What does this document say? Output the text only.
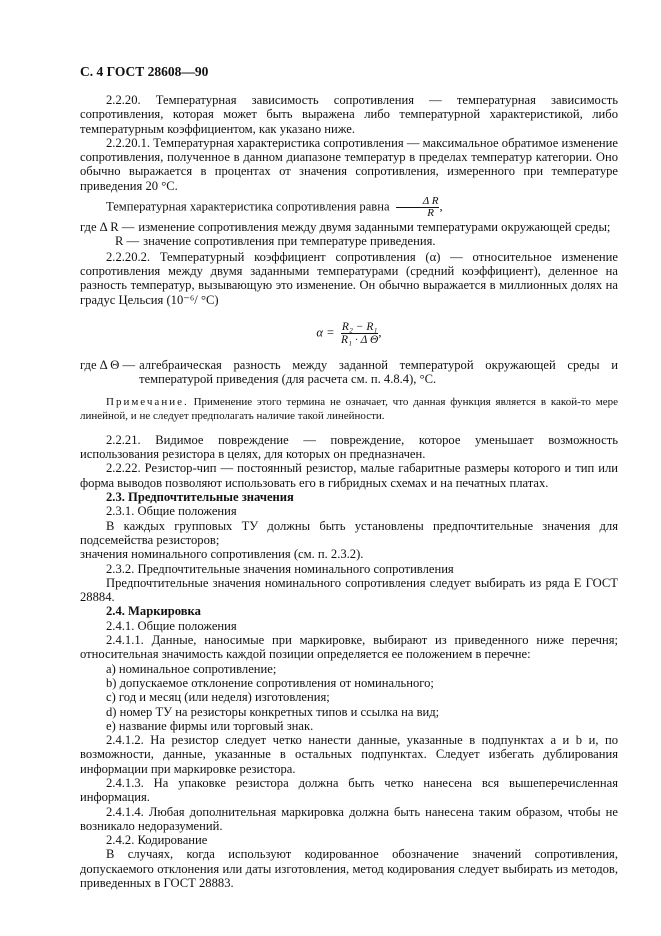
С. 4 ГОСТ 28608—90

2.2.20. Температурная зависимость сопротивления — температурная зависимость сопротивления, которая может быть выражена либо температурной характеристикой, либо температурным коэффициентом, как указано ниже.

2.2.20.1. Температурная характеристика сопротивления — максимальное обратимое изменение сопротивления, полученное в данном диапазоне температур в пределах температур категории. Оно обычно выражается в процентах от значения сопротивления, измеренного при температуре приведения 20 °С.

Температурная характеристика сопротивления равна $\frac{\text{Δ R}}{R}$ ,

где Δ R — изменение сопротивления между двумя заданными температурами окружающей среды;
R — значение сопротивления при температуре приведения.

2.2.20.2. Температурный коэффициент сопротивления (α) — относительное изменение сопротивления между двумя заданными температурами (средний коэффициент), деленное на разность температур, вызывающую это изменение. Он обычно выражается в миллионных долях на градус Цельсия (10⁻⁶/ °С)

$\alpha = \frac{\text{R₂ − R₁}}{\text{R₁ · Δ Θ}}$ ,
где Δ Θ — алгебраическая разность между заданной температурой окружающей среды и температурой приведения (для расчета см. п. 4.8.4), °С.

Примечание. Применение этого термина не означает, что данная функция является в какой-то мере линейной, и не следует предполагать наличие такой линейности.

2.2.21. Видимое повреждение — повреждение, которое уменьшает возможность использования резистора в целях, для которых он предназначен.

2.2.22. Резистор-чип — постоянный резистор, малые габаритные размеры которого и тип или форма выводов позволяют использовать его в гибридных схемах и на печатных платах.

2.3. Предпочтительные значения

2.3.1. Общие положения

В каждых групповых ТУ должны быть установлены предпочтительные значения для подсемейства резисторов;

значения номинального сопротивления (см. п. 2.3.2).

2.3.2. Предпочтительные значения номинального сопротивления

Предпочтительные значения номинального сопротивления следует выбирать из ряда Е ГОСТ 28884.

2.4. Маркировка

2.4.1. Общие положения

2.4.1.1. Данные, наносимые при маркировке, выбирают из приведенного ниже перечня; относительная значимость каждой позиции определяется ее положением в перечне:

a) номинальное сопротивление;

b) допускаемое отклонение сопротивления от номинального;

c) год и месяц (или неделя) изготовления;

d) номер ТУ на резисторы конкретных типов и ссылка на вид;

e) название фирмы или торговый знак.

2.4.1.2. На резистор следует четко нанести данные, указанные в подпунктах а и b и, по возможности, данные, указанные в остальных подпунктах. Следует избегать дублирования информации при маркировке резистора.

2.4.1.3. На упаковке резистора должна быть четко нанесена вся вышеперечисленная информация.

2.4.1.4. Любая дополнительная маркировка должна быть нанесена таким образом, чтобы не возникало недоразумений.

2.4.2. Кодирование

В случаях, когда используют кодированное обозначение значений сопротивления, допускаемого отклонения или даты изготовления, метод кодирования следует выбирать из методов, приведенных в ГОСТ 28883.
